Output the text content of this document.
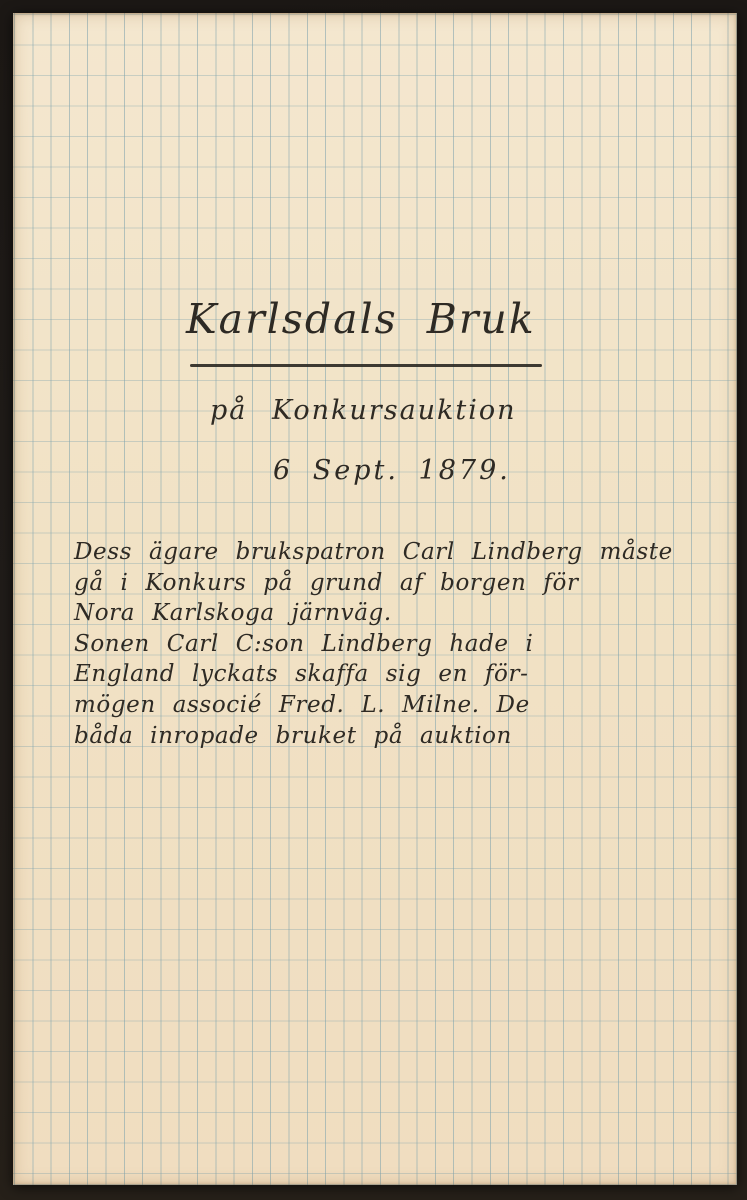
Karlsdals Bruk
på Konkursauktion
6 Sept. 1879.
Dess ägare brukspatron Carl Lindberg måste
gå i Konkurs på grund af borgen för
Nora Karlskoga järnväg.
Sonen Carl C:son Lindberg hade i
England lyckats skaffa sig en för-
mögen associé Fred. L. Milne. De
båda inropade bruket på auktion
